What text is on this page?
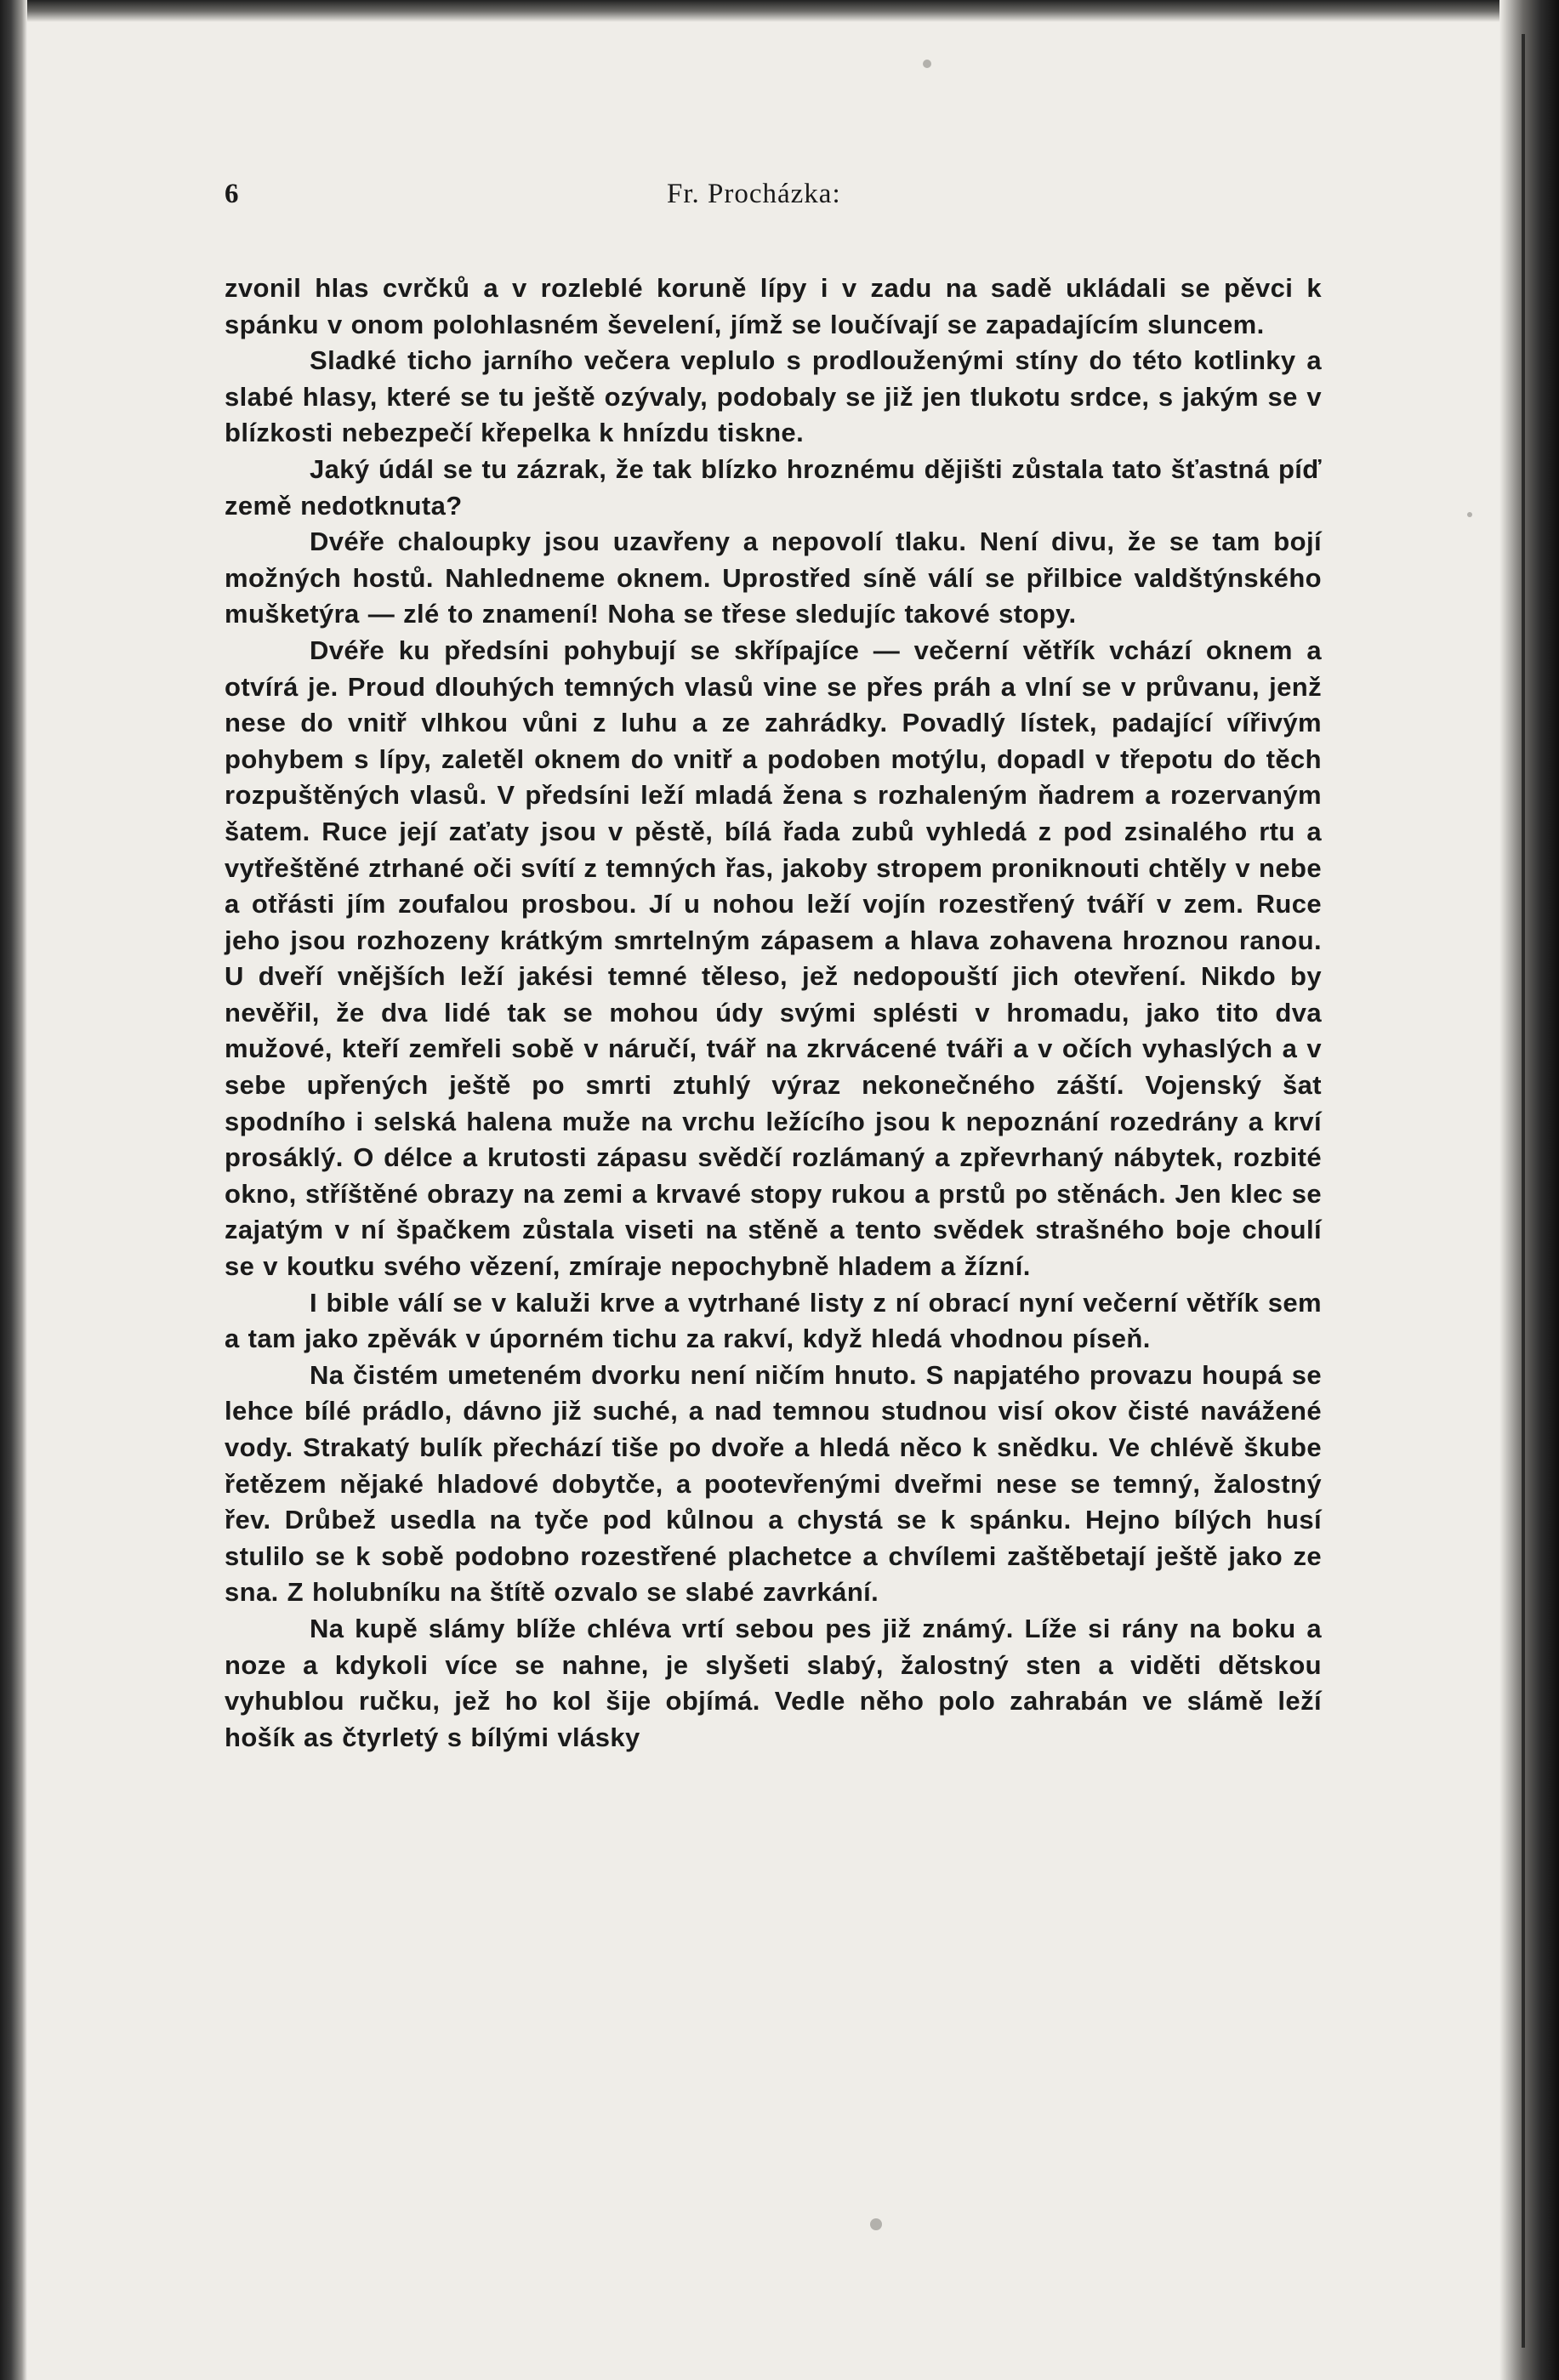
6	Fr. Procházka:

zvonil hlas cvrčků a v rozleblé koruně lípy i v zadu na sadě ukládali se pěvci k spánku v onom polohlasném ševelení, jímž se loučívají se zapadajícím sluncem.

Sladké ticho jarního večera veplulo s prodlouženými stíny do této kotlinky a slabé hlasy, které se tu ještě ozývaly, podobaly se již jen tlukotu srdce, s jakým se v blízkosti nebezpečí křepelka k hnízdu tiskne.

Jaký údál se tu zázrak, že tak blízko hroznému dějišti zůstala tato šťastná píď země nedotknuta?

Dvéře chaloupky jsou uzavřeny a nepovolí tlaku. Není divu, že se tam bojí možných hostů. Nahledneme oknem. Uprostřed síně válí se přilbice valdštýnského mušketýra — zlé to znamení! Noha se třese sledujíc takové stopy.

Dvéře ku předsíni pohybují se skřípajíce — večerní větřík vchází oknem a otvírá je. Proud dlouhých temných vlasů vine se přes práh a vlní se v průvanu, jenž nese do vnitř vlhkou vůni z luhu a ze zahrádky. Povadlý lístek, padající vířivým pohybem s lípy, zaletěl oknem do vnitř a podoben motýlu, dopadl v třepotu do těch rozpuštěných vlasů. V předsíni leží mladá žena s rozhaleným ňadrem a rozervaným šatem. Ruce její zaťaty jsou v pěstě, bílá řada zubů vyhledá z pod zsinalého rtu a vytřeštěné ztrhané oči svítí z temných řas, jakoby stropem proniknouti chtěly v nebe a otřásti jím zoufalou prosbou. Jí u nohou leží vojín rozestřený tváří v zem. Ruce jeho jsou rozhozeny krátkým smrtelným zápasem a hlava zohavena hroznou ranou. U dveří vnějších leží jakési temné těleso, jež nedopouští jich otevření. Nikdo by nevěřil, že dva lidé tak se mohou údy svými splésti v hromadu, jako tito dva mužové, kteří zemřeli sobě v náručí, tvář na zkrvácené tváři a v očích vyhaslých a v sebe upřených ještě po smrti ztuhlý výraz nekonečného záští. Vojenský šat spodního i selská halena muže na vrchu ležícího jsou k nepoznání rozedrány a krví prosáklý. O délce a krutosti zápasu svědčí rozlámaný a zpřevrhaný nábytek, rozbité okno, stříštěné obrazy na zemi a krvavé stopy rukou a prstů po stěnách. Jen klec se zajatým v ní špačkem zůstala viseti na stěně a tento svědek strašného boje choulí se v koutku svého vězení, zmíraje nepochybně hladem a žízní.

I bible válí se v kaluži krve a vytrhané listy z ní obrací nyní večerní větřík sem a tam jako zpěvák v úporném tichu za rakví, když hledá vhodnou píseň.

Na čistém umeteném dvorku není ničím hnuto. S napjatého provazu houpá se lehce bílé prádlo, dávno již suché, a nad temnou studnou visí okov čisté navážené vody. Strakatý bulík přechází tiše po dvoře a hledá něco k snědku. Ve chlévě škube řetězem nějaké hladové dobytče, a pootevřenými dveřmi nese se temný, žalostný řev. Drůbež usedla na tyče pod kůlnou a chystá se k spánku. Hejno bílých husí stulilo se k sobě podobno rozestřené plachetce a chvílemi zaštěbetají ještě jako ze sna. Z holubníku na štítě ozvalo se slabé zavrkání.

Na kupě slámy blíže chléva vrtí sebou pes již známý. Líže si rány na boku a noze a kdykoli více se nahne, je slyšeti slabý, žalostný sten a viděti dětskou vyhublou ručku, jež ho kol šije objímá. Vedle něho polo zahrabán ve slámě leží hošík as čtyrletý s bílými vlásky
